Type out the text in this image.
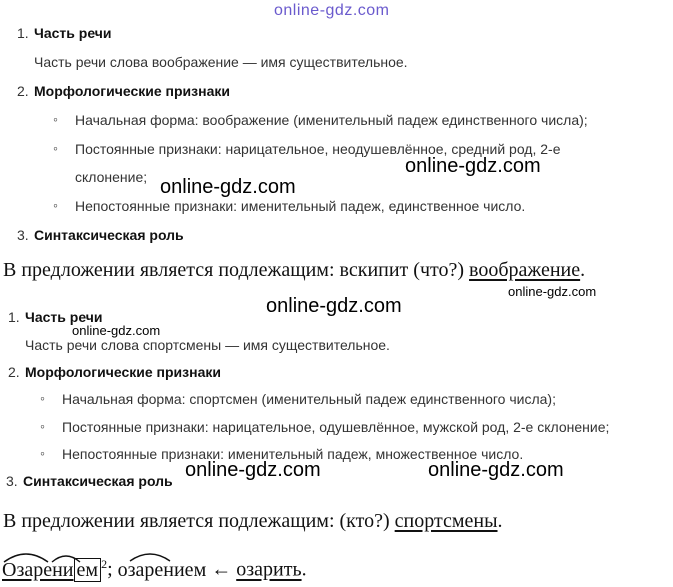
online-gdz.com
1. Часть речи
Часть речи слова воображение — имя существительное.
2. Морфологические признаки
◦ Начальная форма: воображение (именительный падеж единственного числа);
◦ Постоянные признаки: нарицательное, неодушевлённое, средний род, 2-е
склонение;
◦ Непостоянные признаки: именительный падеж, единственное число.
3. Синтаксическая роль
В предложении является подлежащим: вскипит (что?) воображение.
1. Часть речи
Часть речи слова спортсмены — имя существительное.
2. Морфологические признаки
◦ Начальная форма: спортсмен (именительный падеж единственного числа);
◦ Постоянные признаки: нарицательное, одушевлённое, мужской род, 2-е склонение;
◦ Непостоянные признаки: именительный падеж, множественное число.
3. Синтаксическая роль
В предложении является подлежащим: (кто?) спортсмены.
Озарени ем $^2$;
озарением ← озарить.
online-gdz.com
online-gdz.com
online-gdz.com
online-gdz.com
online-gdz.com
online-gdz.com	online-gdz.com
